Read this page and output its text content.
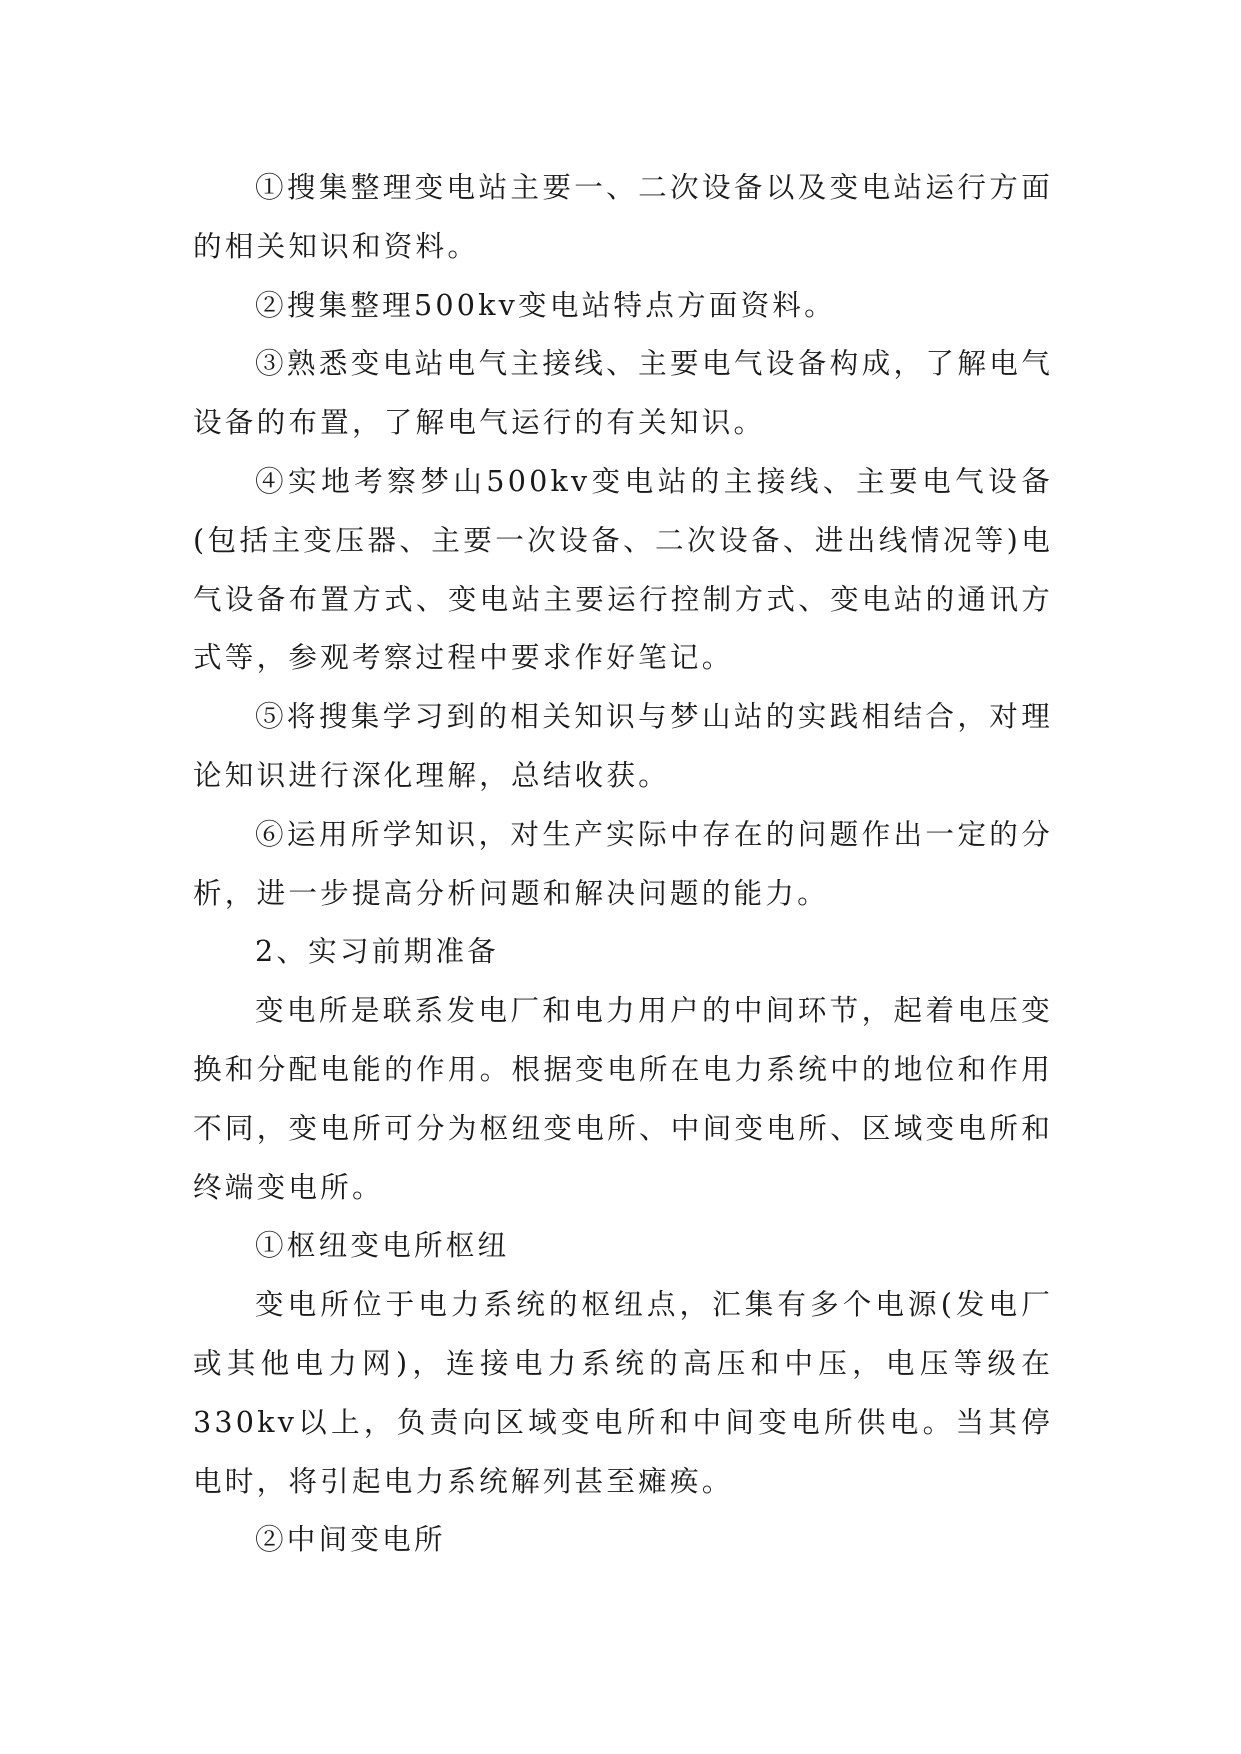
①搜集整理变电站主要一、二次设备以及变电站运行方面的相关知识和资料。

②搜集整理500kv变电站特点方面资料。

③熟悉变电站电气主接线、主要电气设备构成，了解电气设备的布置，了解电气运行的有关知识。

④实地考察梦山500kv变电站的主接线、主要电气设备(包括主变压器、主要一次设备、二次设备、进出线情况等)电气设备布置方式、变电站主要运行控制方式、变电站的通讯方式等，参观考察过程中要求作好笔记。

⑤将搜集学习到的相关知识与梦山站的实践相结合，对理论知识进行深化理解，总结收获。

⑥运用所学知识，对生产实际中存在的问题作出一定的分析，进一步提高分析问题和解决问题的能力。

2、实习前期准备

变电所是联系发电厂和电力用户的中间环节，起着电压变换和分配电能的作用。根据变电所在电力系统中的地位和作用不同，变电所可分为枢纽变电所、中间变电所、区域变电所和终端变电所。

①枢纽变电所枢纽

变电所位于电力系统的枢纽点，汇集有多个电源(发电厂或其他电力网)，连接电力系统的高压和中压，电压等级在330kv以上，负责向区域变电所和中间变电所供电。当其停电时，将引起电力系统解列甚至瘫痪。

②中间变电所
